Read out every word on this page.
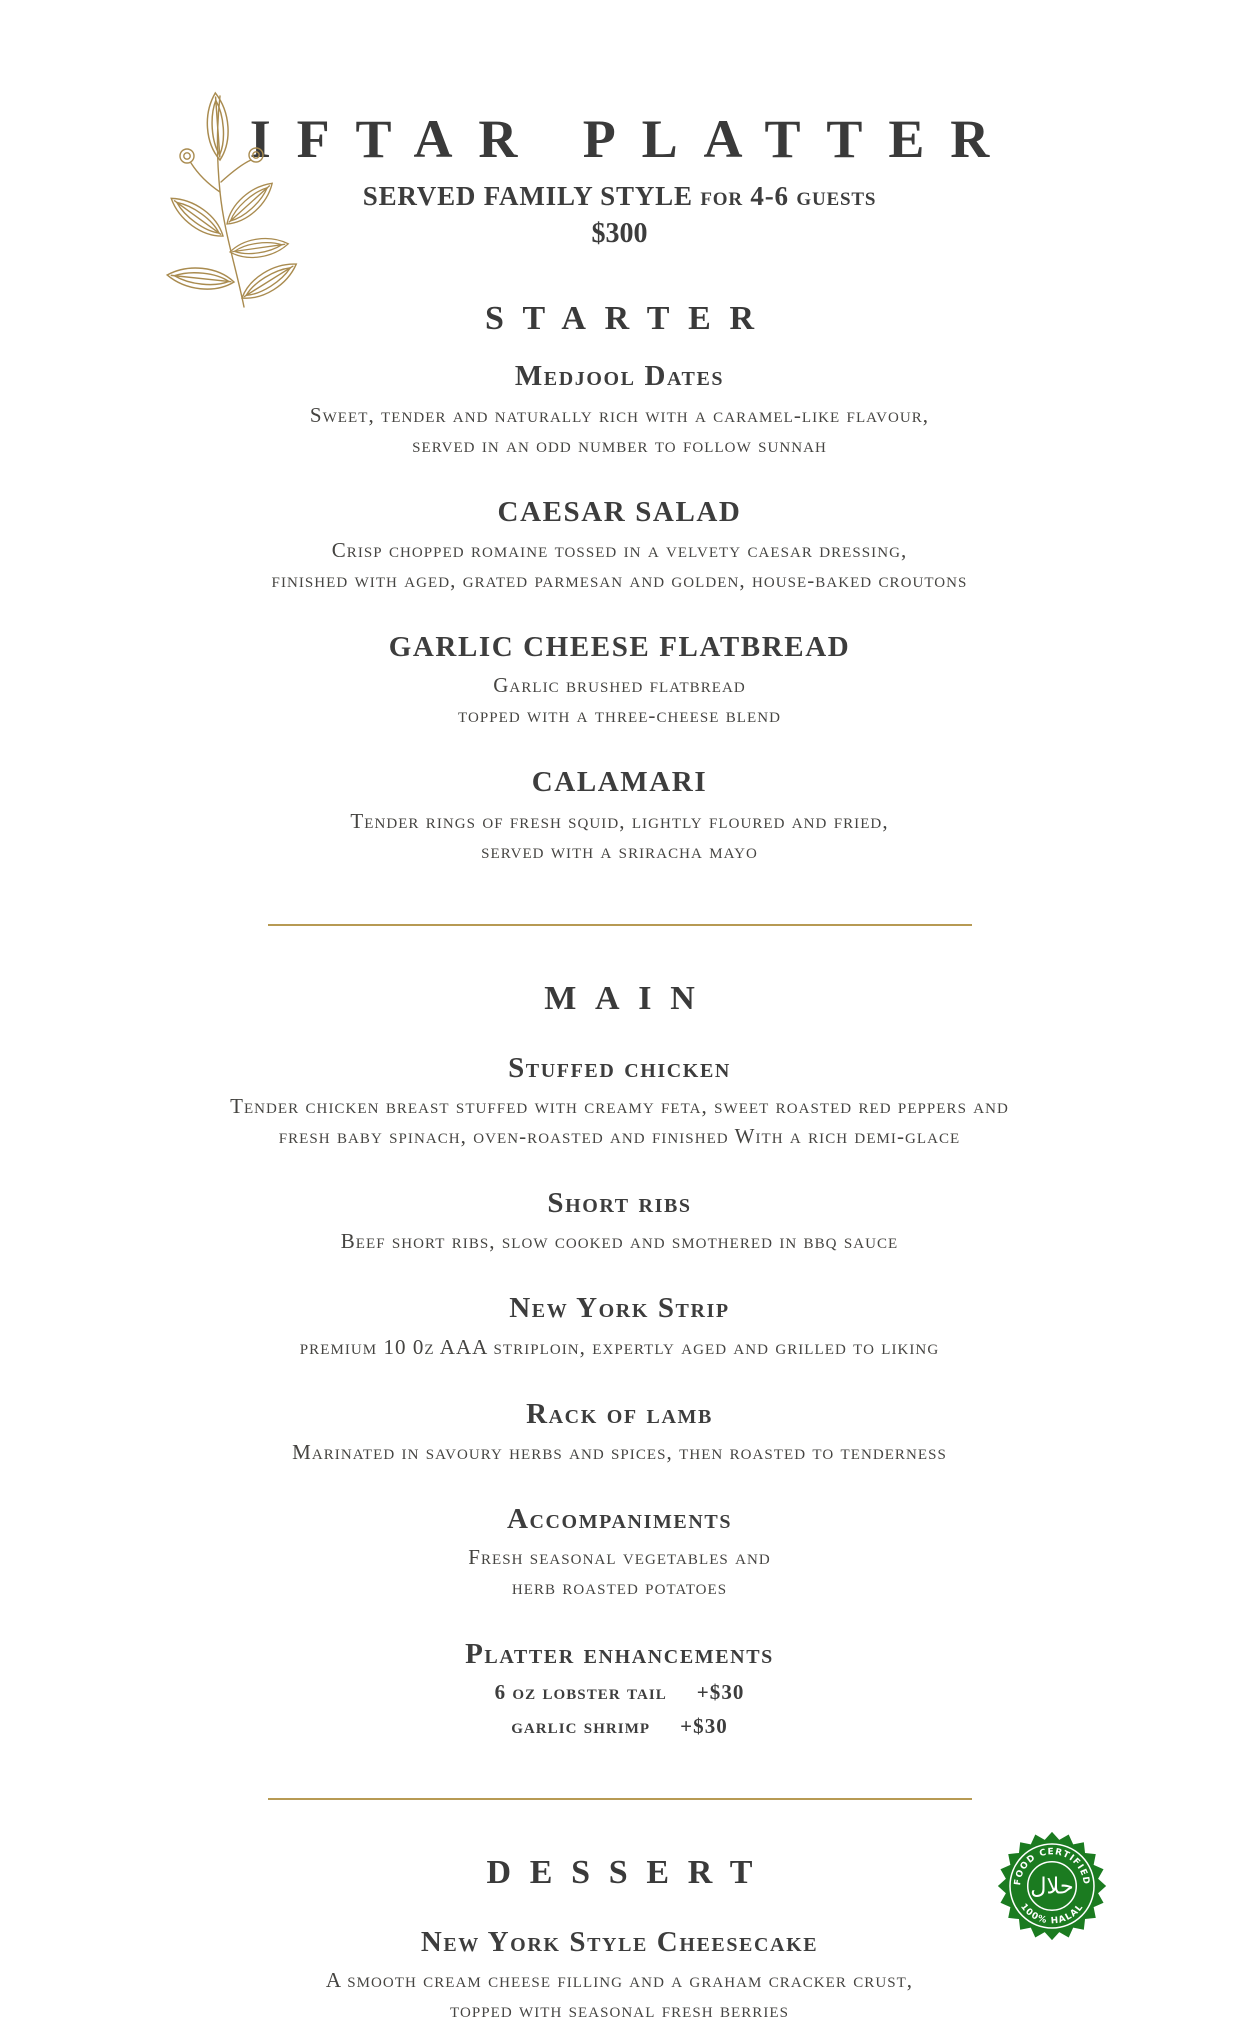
IFTAR PLATTER

SERVED FAMILY STYLE for 4-6 guests

$300

STARTER
Medjool Dates

Sweet, tender and naturally rich with a caramel-like flavour,

served in an odd number to follow sunnah

CAESAR SALAD

Crisp chopped romaine tossed in a velvety caesar dressing,

finished with aged, grated parmesan and golden, house-baked croutons

GARLIC CHEESE FLATBREAD

Garlic brushed flatbread

topped with a three-cheese blend

CALAMARI

Tender rings of fresh squid, lightly floured and fried,

served with a sriracha mayo

MAIN
Stuffed chicken

Tender chicken breast stuffed with creamy feta, sweet roasted red peppers and

fresh baby spinach, oven-roasted and finished With a rich demi-glace

Short ribs

Beef short ribs, slow cooked and smothered in bbq sauce

New York Strip

premium 10 0z AAA striploin, expertly aged and grilled to liking

Rack of lamb

Marinated in savoury herbs and spices, then roasted to tenderness

Accompaniments

Fresh seasonal vegetables and

herb roasted potatoes

Platter enhancements

6 oz lobster tail +$30

garlic shrimp +$30

DESSERT
New York Style Cheesecake

A smooth cream cheese filling and a graham cracker crust,

topped with seasonal fresh berries

FOOD CERTIFIED
100% HALAL
حلال
